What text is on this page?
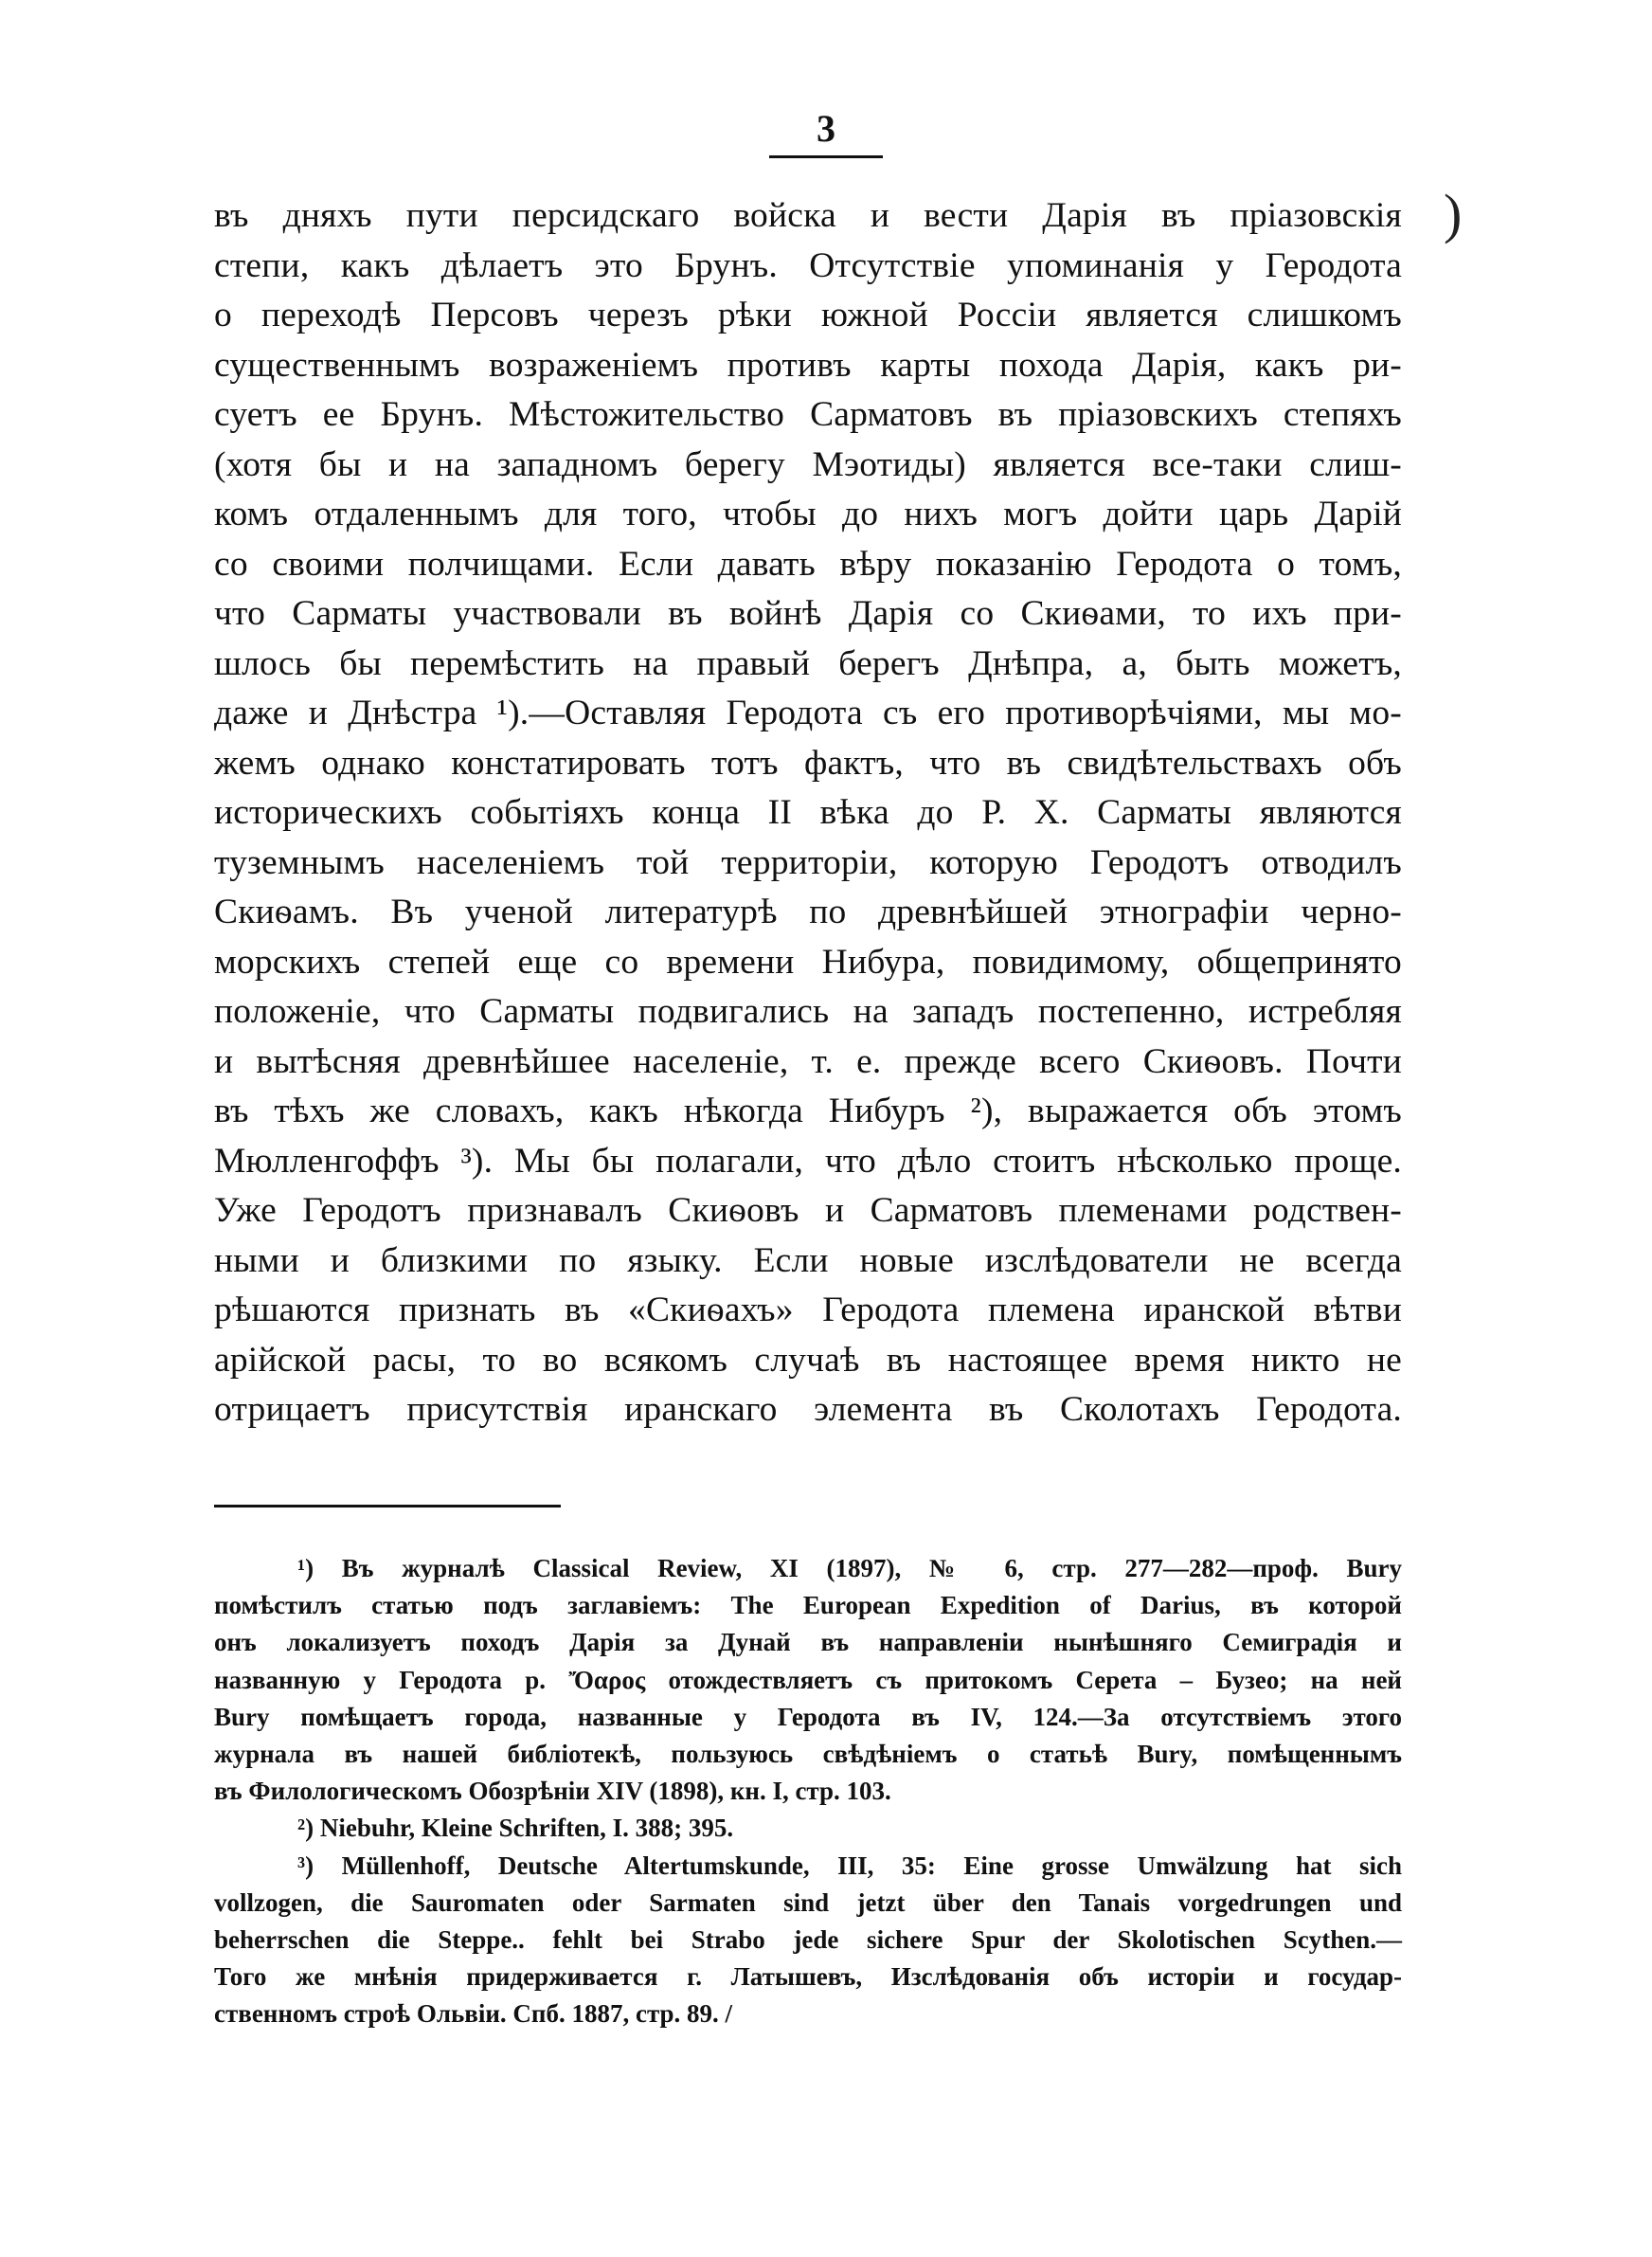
3
)
въ дняхъ пути персидскаго войска и вести Дарія въ пріазовскія
степи, какъ дѣлаетъ это Брунъ. Отсутствіе упоминанія у Геродота
о переходѣ Персовъ черезъ рѣки южной Россіи является слишкомъ
существеннымъ возраженіемъ противъ карты похода Дарія, какъ ри-
суетъ ее Брунъ. Мѣстожительство Сарматовъ въ пріазовскихъ степяхъ
(хотя бы и на западномъ берегу Мэотиды) является все-таки слиш-
комъ отдаленнымъ для того, чтобы до нихъ могъ дойти царь Дарій
со своими полчищами. Если давать вѣру показанію Геродота о томъ,
что Сарматы участвовали въ войнѣ Дарія со Скиѳами, то ихъ при-
шлось бы перемѣстить на правый берегъ Днѣпра, а, быть можетъ,
даже и Днѣстра ¹).—Оставляя Геродота съ его противорѣчіями, мы мо-
жемъ однако констатировать тотъ фактъ, что въ свидѣтельствахъ объ
историческихъ событіяхъ конца II вѣка до Р. Х. Сарматы являются
туземнымъ населеніемъ той территоріи, которую Геродотъ отводилъ
Скиѳамъ. Въ ученой литературѣ по древнѣйшей этнографіи черно-
морскихъ степей еще со времени Нибура, повидимому, общепринято
положеніе, что Сарматы подвигались на западъ постепенно, истребляя
и вытѣсняя древнѣйшее населеніе, т. е. прежде всего Скиѳовъ. Почти
въ тѣхъ же словахъ, какъ нѣкогда Нибуръ ²), выражается объ этомъ
Мюлленгоффъ ³). Мы бы полагали, что дѣло стоитъ нѣсколько проще.
Уже Геродотъ признавалъ Скиѳовъ и Сарматовъ племенами родствен-
ными и близкими по языку. Если новые изслѣдователи не всегда
рѣшаются признать въ «Скиѳахъ» Геродота племена иранской вѣтви
арійской расы, то во всякомъ случаѣ въ настоящее время никто не
отрицаетъ присутствія иранскаго элемента въ Сколотахъ Геродота.
¹) Въ журналѣ Classical Review, XI (1897), № 6, стр. 277—282—проф. Bury
помѣстилъ статью подъ заглавіемъ: The European Expedition of Darius, въ которой
онъ локализуетъ походъ Дарія за Дунай въ направленіи нынѣшняго Семиградія и
названную у Геродота р. Ὄαρος отождествляетъ съ притокомъ Серета – Бузео; на ней
Bury помѣщаетъ города, названные у Геродота въ IV, 124.—За отсутствіемъ этого
журнала въ нашей библіотекѣ, пользуюсь свѣдѣніемъ о статьѣ Bury, помѣщеннымъ
въ Филологическомъ Обозрѣніи XIV (1898), кн. I, стр. 103.
²) Niebuhr, Kleine Schriften, I. 388; 395.
³) Müllenhoff, Deutsche Altertumskunde, III, 35: Eine grosse Umwälzung hat sich
vollzogen, die Sauromaten oder Sarmaten sind jetzt über den Tanais vorgedrungen und
beherrschen die Steppe.. fehlt bei Strabo jede sichere Spur der Skolotischen Scythen.—
Того же мнѣнія придерживается г. Латышевъ, Изслѣдованія объ исторіи и государ-
ственномъ строѣ Ольвіи. Спб. 1887, стр. 89. /
